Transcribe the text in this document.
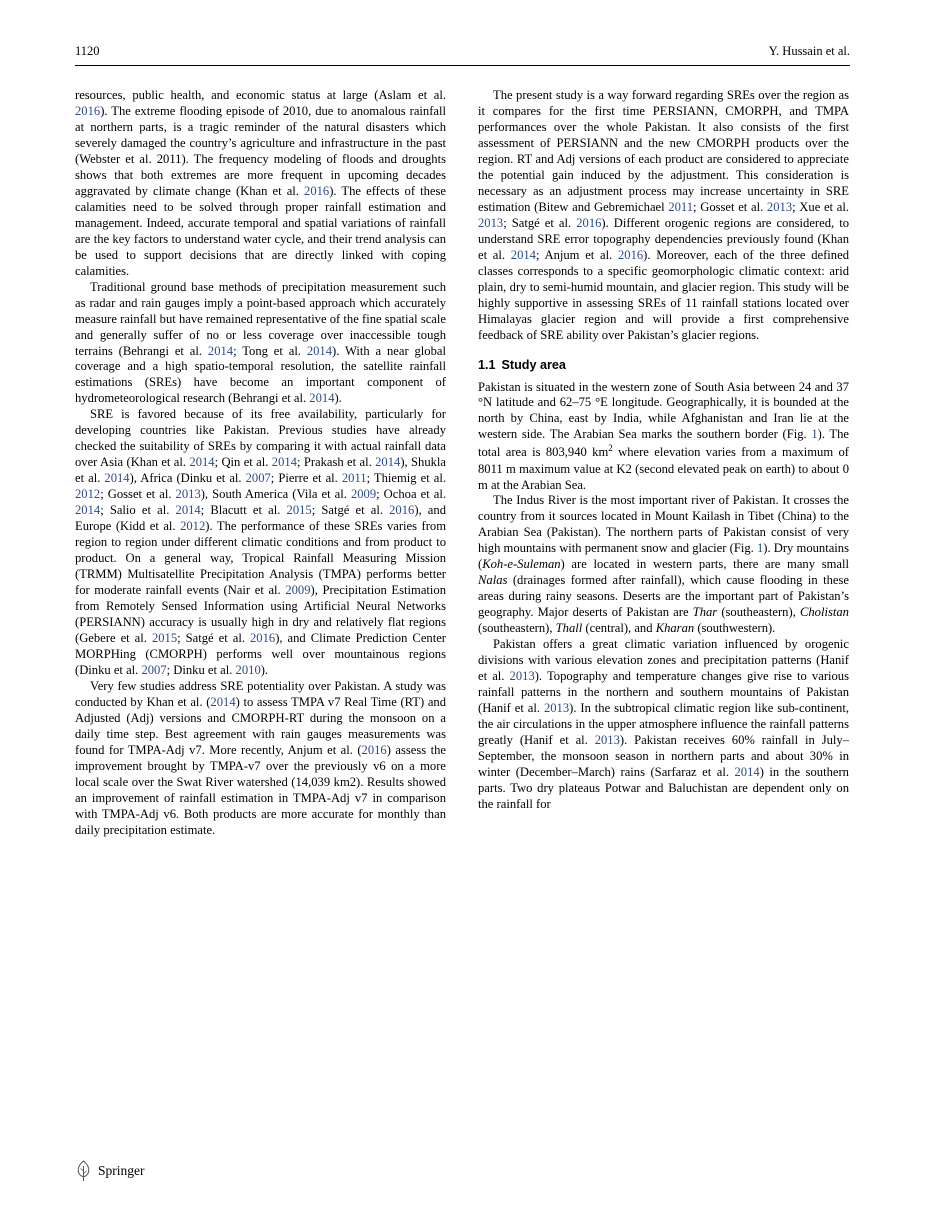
1120	Y. Hussain et al.

resources, public health, and economic status at large (Aslam et al. 2016). The extreme flooding episode of 2010, due to anomalous rainfall at northern parts, is a tragic reminder of the natural disasters which severely damaged the country’s agriculture and infrastructure in the past (Webster et al. 2011). The frequency modeling of floods and droughts shows that both extremes are more frequent in upcoming decades aggravated by climate change (Khan et al. 2016). The effects of these calamities need to be solved through proper rainfall estimation and management. Indeed, accurate temporal and spatial variations of rainfall are the key factors to understand water cycle, and their trend analysis can be used to support decisions that are directly linked with coping calamities.

Traditional ground base methods of precipitation measurement such as radar and rain gauges imply a point-based approach which accurately measure rainfall but have remained representative of the fine spatial scale and generally suffer of no or less coverage over inaccessible tough terrains (Behrangi et al. 2014; Tong et al. 2014). With a near global coverage and a high spatio-temporal resolution, the satellite rainfall estimations (SREs) have become an important component of hydrometeorological research (Behrangi et al. 2014).

SRE is favored because of its free availability, particularly for developing countries like Pakistan. Previous studies have already checked the suitability of SREs by comparing it with actual rainfall data over Asia (Khan et al. 2014; Qin et al. 2014; Prakash et al. 2014), Shukla et al. 2014), Africa (Dinku et al. 2007; Pierre et al. 2011; Thiemig et al. 2012; Gosset et al. 2013), South America (Vila et al. 2009; Ochoa et al. 2014; Salio et al. 2014; Blacutt et al. 2015; Satgé et al. 2016), and Europe (Kidd et al. 2012). The performance of these SREs varies from region to region under different climatic conditions and from product to product. On a general way, Tropical Rainfall Measuring Mission (TRMM) Multisatellite Precipitation Analysis (TMPA) performs better for moderate rainfall events (Nair et al. 2009), Precipitation Estimation from Remotely Sensed Information using Artificial Neural Networks (PERSIANN) accuracy is usually high in dry and relatively flat regions (Gebere et al. 2015; Satgé et al. 2016), and Climate Prediction Center MORPHing (CMORPH) performs well over mountainous regions (Dinku et al. 2007; Dinku et al. 2010).

Very few studies address SRE potentiality over Pakistan. A study was conducted by Khan et al. (2014) to assess TMPA v7 Real Time (RT) and Adjusted (Adj) versions and CMORPH-RT during the monsoon on a daily time step. Best agreement with rain gauges measurements was found for TMPA-Adj v7. More recently, Anjum et al. (2016) assess the improvement brought by TMPA-v7 over the previously v6 on a more local scale over the Swat River watershed (14,039 km2). Results showed an improvement of rainfall estimation in TMPA-Adj v7 in comparison with TMPA-Adj v6. Both products are more accurate for monthly than daily precipitation estimate.

The present study is a way forward regarding SREs over the region as it compares for the first time PERSIANN, CMORPH, and TMPA performances over the whole Pakistan. It also consists of the first assessment of PERSIANN and the new CMORPH products over the region. RT and Adj versions of each product are considered to appreciate the potential gain induced by the adjustment. This consideration is necessary as an adjustment process may increase uncertainty in SRE estimation (Bitew and Gebremichael 2011; Gosset et al. 2013; Xue et al. 2013; Satgé et al. 2016). Different orogenic regions are considered, to understand SRE error topography dependencies previously found (Khan et al. 2014; Anjum et al. 2016). Moreover, each of the three defined classes corresponds to a specific geomorphologic climatic context: arid plain, dry to semi-humid mountain, and glacier region. This study will be highly supportive in assessing SREs of 11 rainfall stations located over Himalayas glacier region and will provide a first comprehensive feedback of SRE ability over Pakistan’s glacier regions.

1.1 Study area

Pakistan is situated in the western zone of South Asia between 24 and 37 °N latitude and 62–75 °E longitude. Geographically, it is bounded at the north by China, east by India, while Afghanistan and Iran lie at the western side. The Arabian Sea marks the southern border (Fig. 1). The total area is 803,940 $km^2$ where elevation varies from a maximum of 8011 m maximum value at K2 (second elevated peak on earth) to about 0 m at the Arabian Sea.

The Indus River is the most important river of Pakistan. It crosses the country from it sources located in Mount Kailash in Tibet (China) to the Arabian Sea (Pakistan). The northern parts of Pakistan consist of very high mountains with permanent snow and glacier (Fig. 1). Dry mountains (Koh-e-Suleman) are located in western parts, there are many small Nalas (drainages formed after rainfall), which cause flooding in these areas during rainy seasons. Deserts are the important part of Pakistan’s geography. Major deserts of Pakistan are Thar (southeastern), Cholistan (southeastern), Thall (central), and Kharan (southwestern).

Pakistan offers a great climatic variation influenced by orogenic divisions with various elevation zones and precipitation patterns (Hanif et al. 2013). Topography and temperature changes give rise to various rainfall patterns in the northern and southern mountains of Pakistan (Hanif et al. 2013). In the subtropical climatic region like sub-continent, the air circulations in the upper atmosphere influence the rainfall patterns greatly (Hanif et al. 2013). Pakistan receives 60% rainfall in July–September, the monsoon season in northern parts and about 30% in winter (December–March) rains (Sarfaraz et al. 2014) in the southern parts. Two dry plateaus Potwar and Baluchistan are dependent only on the rainfall for

Springer
